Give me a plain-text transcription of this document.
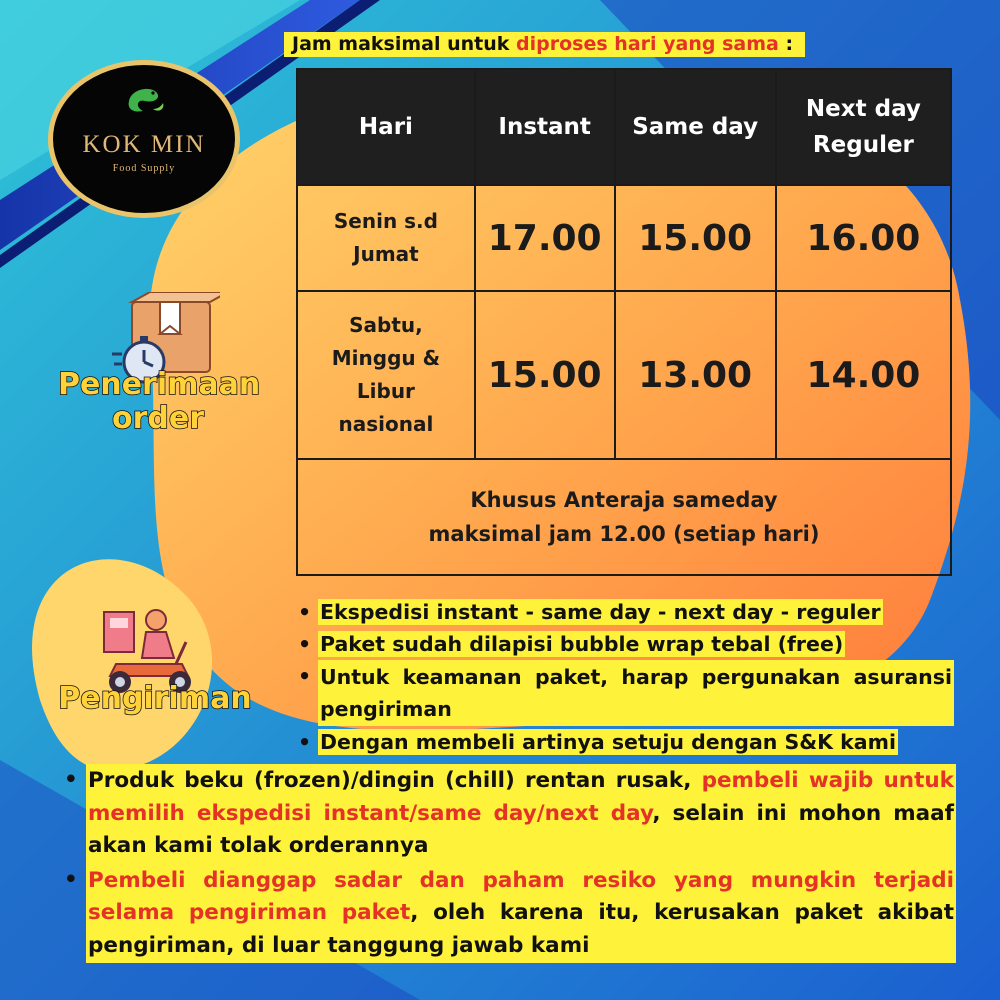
KOK MIN
Food Supply
Jam maksimal untuk diproses hari yang sama :
Hari	Instant	Same day	Next day Reguler
Senin s.d Jumat	17.00	15.00	16.00
Sabtu, Minggu & Libur nasional	15.00	13.00	14.00

Khusus Anteraja sameday
maksimal jam 12.00 (setiap hari)			
Penerimaan
order
Pengiriman
• Ekspedisi instant - same day - next day - reguler
• Paket sudah dilapisi bubble wrap tebal (free)
• Untuk keamanan paket, harap pergunakan asuransi pengiriman
• Dengan membeli artinya setuju dengan S&K kami
• Produk beku (frozen)/dingin (chill) rentan rusak, pembeli wajib untuk memilih ekspedisi instant/same day/next day, selain ini mohon maaf akan kami tolak orderannya
• Pembeli dianggap sadar dan paham resiko yang mungkin terjadi selama pengiriman paket, oleh karena itu, kerusakan paket akibat pengiriman, di luar tanggung jawab kami
